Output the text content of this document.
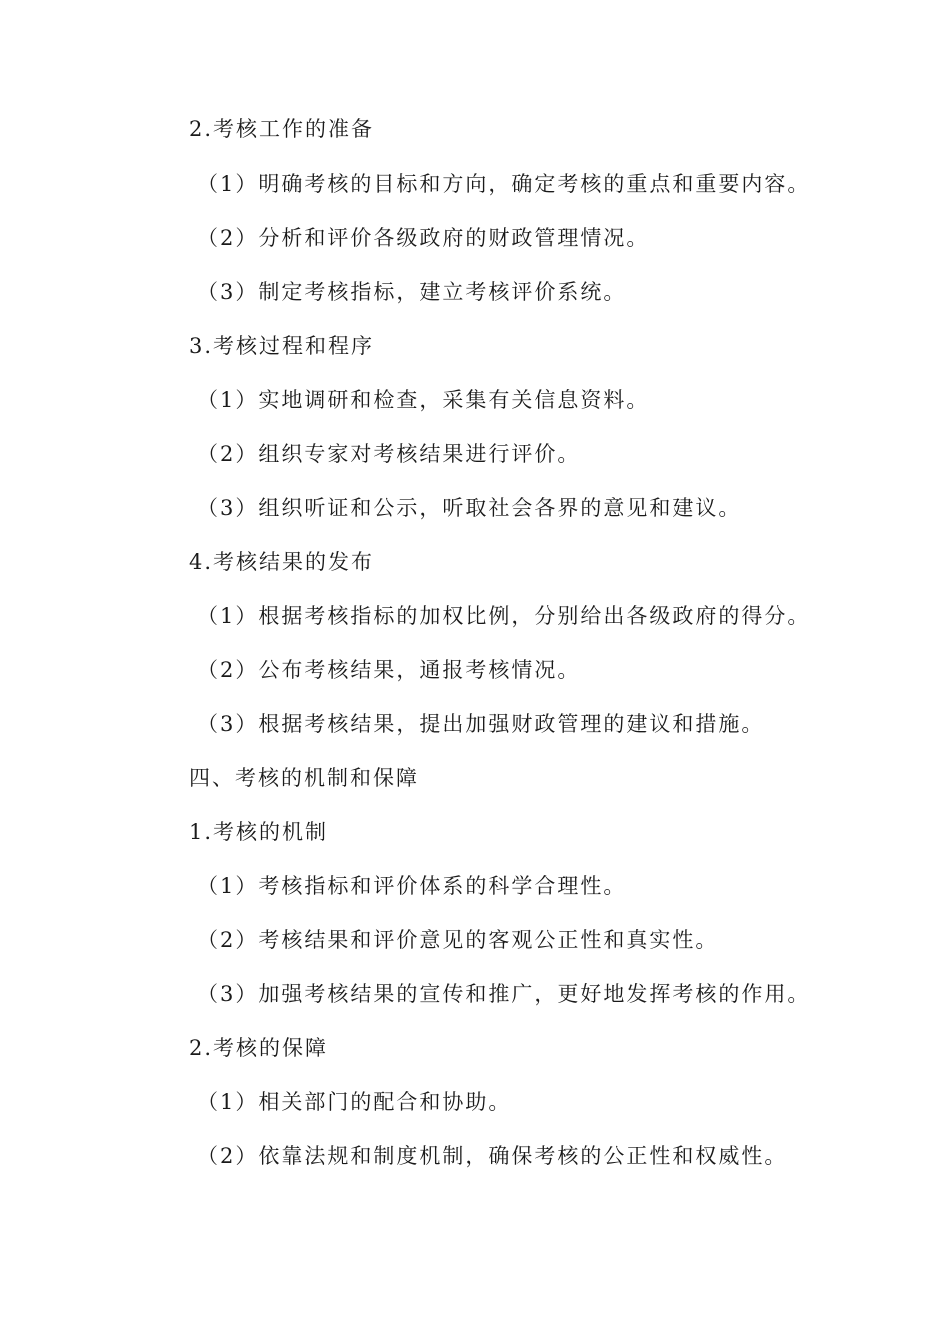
2.考核工作的准备
（1）明确考核的目标和方向，确定考核的重点和重要内容。
（2）分析和评价各级政府的财政管理情况。
（3）制定考核指标，建立考核评价系统。
3.考核过程和程序
（1）实地调研和检查，采集有关信息资料。
（2）组织专家对考核结果进行评价。
（3）组织听证和公示，听取社会各界的意见和建议。
4.考核结果的发布
（1）根据考核指标的加权比例，分别给出各级政府的得分。
（2）公布考核结果，通报考核情况。
（3）根据考核结果，提出加强财政管理的建议和措施。
四、考核的机制和保障
1.考核的机制
（1）考核指标和评价体系的科学合理性。
（2）考核结果和评价意见的客观公正性和真实性。
（3）加强考核结果的宣传和推广，更好地发挥考核的作用。
2.考核的保障
（1）相关部门的配合和协助。
（2）依靠法规和制度机制，确保考核的公正性和权威性。
